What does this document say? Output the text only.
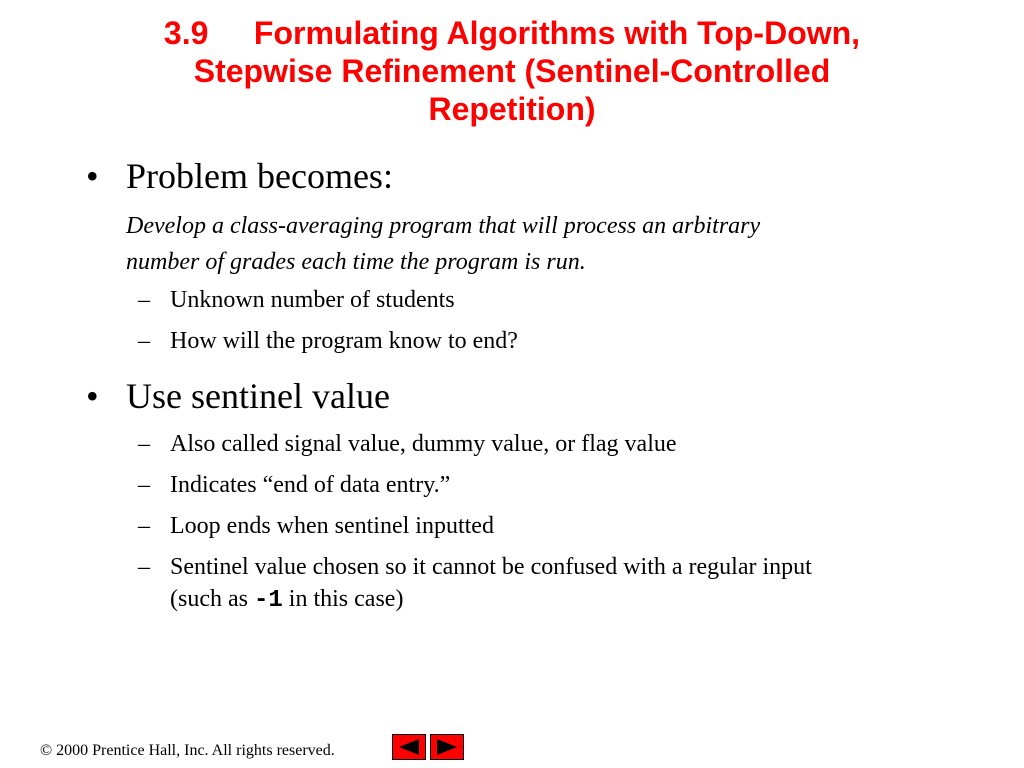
3.9 Formulating Algorithms with Top-Down,
Stepwise Refinement (Sentinel-Controlled
Repetition)
• Problem becomes:
Develop a class-averaging program that will process an arbitrary
number of grades each time the program is run.
– Unknown number of students
– How will the program know to end?
• Use sentinel value
– Also called signal value, dummy value, or flag value
– Indicates “end of data entry.”
– Loop ends when sentinel inputted
– Sentinel value chosen so it cannot be confused with a regular input
(such as -1 in this case)
© 2000 Prentice Hall, Inc. All rights reserved.
